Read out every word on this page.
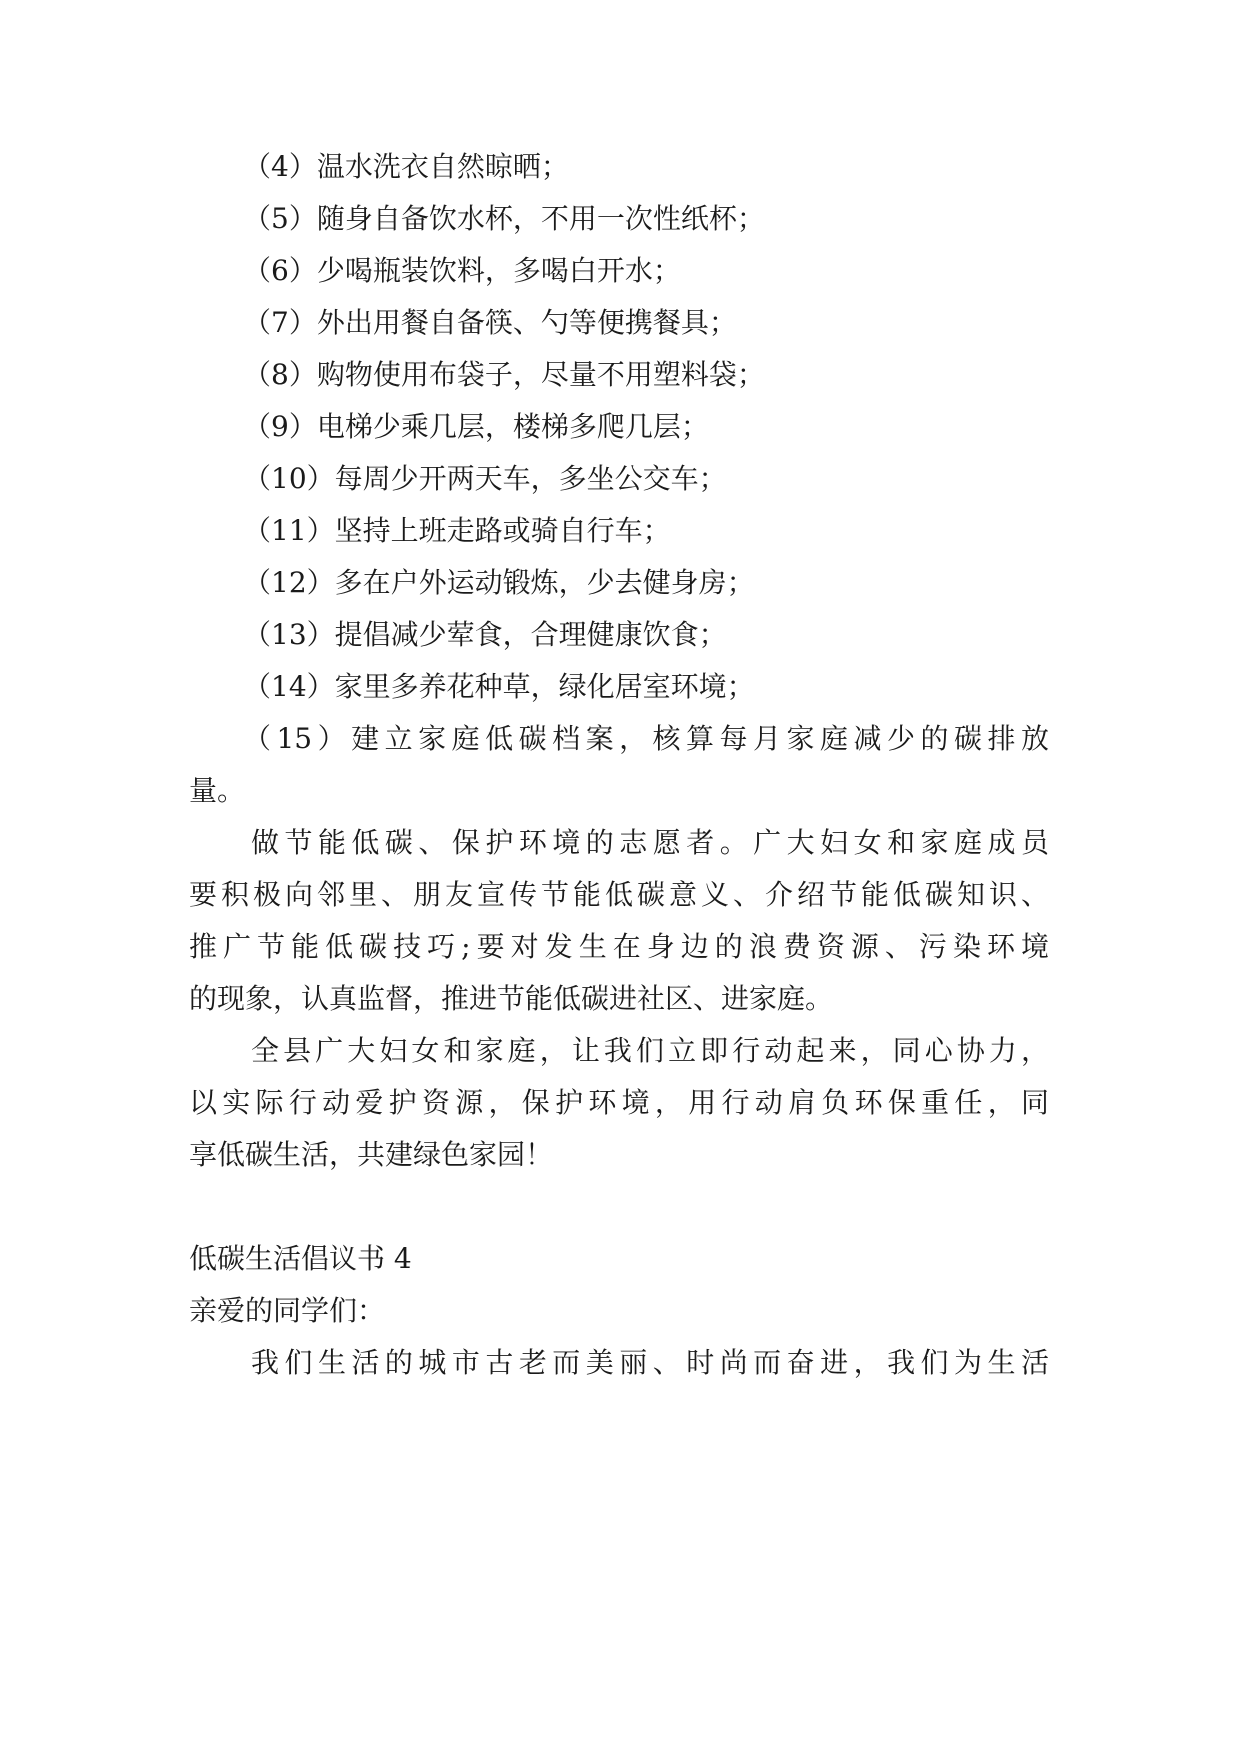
（4）温水洗衣自然晾晒；
（5）随身自备饮水杯，不用一次性纸杯；
（6）少喝瓶装饮料，多喝白开水；
（7）外出用餐自备筷、勺等便携餐具；
（8）购物使用布袋子，尽量不用塑料袋；
（9）电梯少乘几层，楼梯多爬几层；
（10）每周少开两天车，多坐公交车；
（11）坚持上班走路或骑自行车；
（12）多在户外运动锻炼，少去健身房；
（13）提倡减少荤食，合理健康饮食；
（14）家里多养花种草，绿化居室环境；
（15）建立家庭低碳档案，核算每月家庭减少的碳排放
量。
做节能低碳、保护环境的志愿者。广大妇女和家庭成员
要积极向邻里、朋友宣传节能低碳意义、介绍节能低碳知识、
推广节能低碳技巧;要对发生在身边的浪费资源、污染环境
的现象，认真监督，推进节能低碳进社区、进家庭。
全县广大妇女和家庭，让我们立即行动起来，同心协力，
以实际行动爱护资源，保护环境，用行动肩负环保重任，同
享低碳生活，共建绿色家园！
低碳生活倡议书 4
亲爱的同学们：
我们生活的城市古老而美丽、时尚而奋进，我们为生活
